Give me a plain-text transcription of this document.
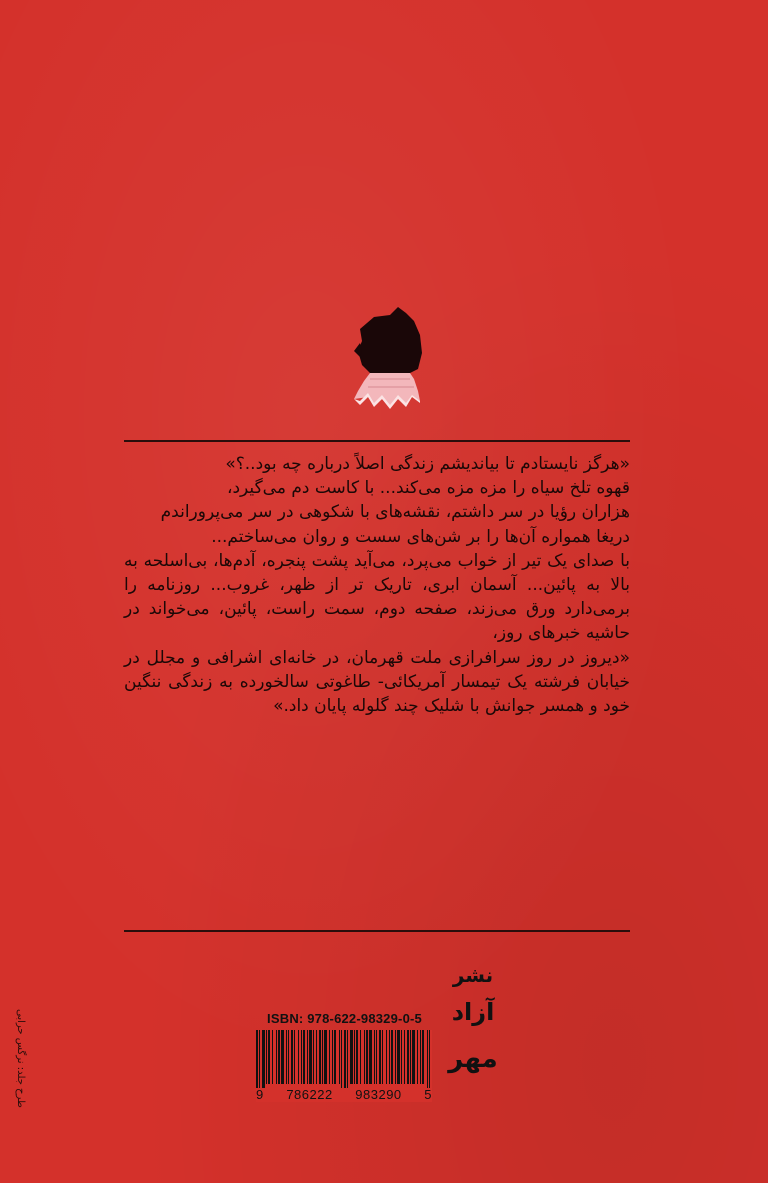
«هرگز نایستادم تا بیاندیشم زندگی اصلاً درباره چه بود..؟»

قهوه تلخ سیاه را مزه مزه می‌کند... با کاست دم می‌گیرد،

هزاران رؤیا در سر داشتم، نقشه‌های با شکوهی در سر می‌پروراندم

دریغا همواره آن‌ها را بر شن‌های سست و روان می‌ساختم...

با صدای یک تیر از خواب می‌پرد، می‌آید پشت پنجره، آدم‌ها، بی‌اسلحه به بالا به پائین... آسمان ابری، تاریک تر از ظهر، غروب... روزنامه را برمی‌دارد ورق می‌زند، صفحه دوم، سمت راست، پائین، می‌خواند در حاشیه خبرهای روز،

«دیروز در روز سرافرازی ملت قهرمان، در خانه‌ای اشرافی و مجلل در خیابان فرشته یک تیمسار آمریکائی- طاغوتی سالخورده به زندگی ننگین خود و همسر جوانش با شلیک چند گلوله پایان داد.»

طرح جلد: نرگس حرابی	ISBN: 978-622-98329-0-5
9 786222 983290 5
نشر
آزاد
مهر
